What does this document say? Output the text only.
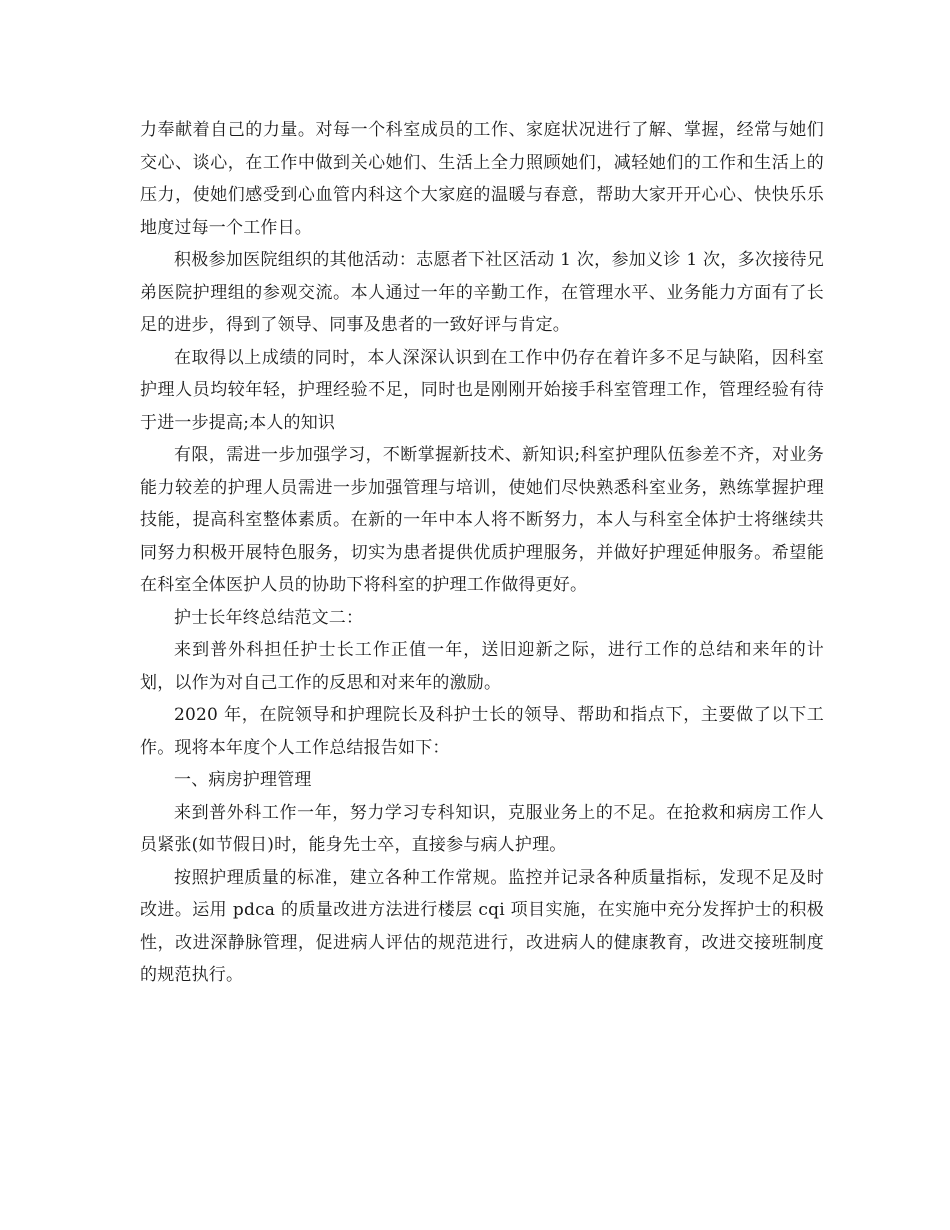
力奉献着自己的力量。对每一个科室成员的工作、家庭状况进行了解、掌握，经常与她们交心、谈心，在工作中做到关心她们、生活上全力照顾她们，减轻她们的工作和生活上的压力，使她们感受到心血管内科这个大家庭的温暖与春意，帮助大家开开心心、快快乐乐地度过每一个工作日。

积极参加医院组织的其他活动：志愿者下社区活动 1 次，参加义诊 1 次，多次接待兄弟医院护理组的参观交流。本人通过一年的辛勤工作，在管理水平、业务能力方面有了长足的进步，得到了领导、同事及患者的一致好评与肯定。

在取得以上成绩的同时，本人深深认识到在工作中仍存在着许多不足与缺陷，因科室护理人员均较年轻，护理经验不足，同时也是刚刚开始接手科室管理工作，管理经验有待于进一步提高;本人的知识

有限，需进一步加强学习，不断掌握新技术、新知识;科室护理队伍参差不齐，对业务能力较差的护理人员需进一步加强管理与培训，使她们尽快熟悉科室业务，熟练掌握护理技能，提高科室整体素质。在新的一年中本人将不断努力，本人与科室全体护士将继续共同努力积极开展特色服务，切实为患者提供优质护理服务，并做好护理延伸服务。希望能在科室全体医护人员的协助下将科室的护理工作做得更好。

护士长年终总结范文二：

来到普外科担任护士长工作正值一年，送旧迎新之际，进行工作的总结和来年的计划，以作为对自己工作的反思和对来年的激励。

2020 年，在院领导和护理院长及科护士长的领导、帮助和指点下，主要做了以下工作。现将本年度个人工作总结报告如下：

一、病房护理管理

来到普外科工作一年，努力学习专科知识，克服业务上的不足。在抢救和病房工作人员紧张(如节假日)时，能身先士卒，直接参与病人护理。

按照护理质量的标准，建立各种工作常规。监控并记录各种质量指标，发现不足及时改进。运用 pdca 的质量改进方法进行楼层 cqi 项目实施，在实施中充分发挥护士的积极性，改进深静脉管理，促进病人评估的规范进行，改进病人的健康教育，改进交接班制度的规范执行。
